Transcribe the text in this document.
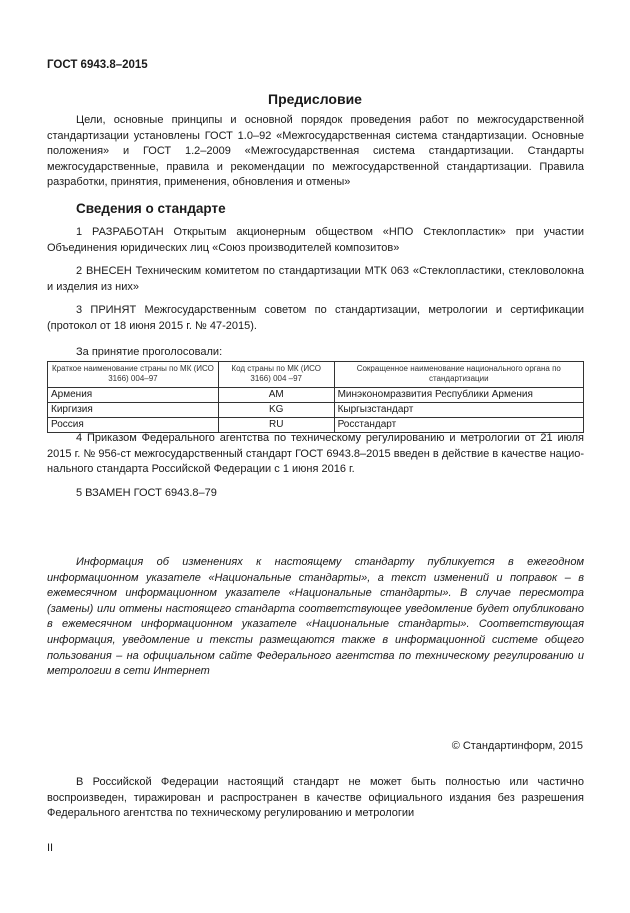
ГОСТ 6943.8–2015
Предисловие
Цели, основные принципы и основной порядок проведения работ по межгосударственной стандартизации установлены ГОСТ 1.0–92 «Межгосударственная система стандартизации. Основные положения» и ГОСТ 1.2–2009 «Межгосударственная система стандартизации. Стандарты межгосударственные, правила и рекомендации по межгосударственной стандартизации. Правила разработки, принятия, применения, обновления и отмены»
Сведения о стандарте
1 РАЗРАБОТАН Открытым акционерным обществом «НПО Стеклопластик» при участии Объединения юридических лиц «Союз производителей композитов»
2 ВНЕСЕН Техническим комитетом по стандартизации МТК 063 «Стеклопластики, стекловолокна и изделия из них»
3 ПРИНЯТ Межгосударственным советом по стандартизации, метрологии и сертификации (протокол от 18 июня 2015 г. № 47-2015).
За принятие проголосовали:
Краткое наименование страны по МК (ИСО 3166) 004–97	Код страны по МК (ИСО 3166) 004 –97	Сокращенное наименование национального органа по стандартизации
Армения	AM	Минэкономразвития Республики Армения
Киргизия	KG	Кыргызстандарт
Россия	RU	Росстандарт
4 Приказом Федерального агентства по техническому регулированию и метрологии от 21 июля 2015 г. № 956-ст межгосударственный стандарт ГОСТ 6943.8–2015 введен в действие в качестве нацио-нального стандарта Российской Федерации с 1 июня 2016 г.
5 ВЗАМЕН ГОСТ 6943.8–79
Информация об изменениях к настоящему стандарту публикуется в ежегодном информационном указателе «Национальные стандарты», а текст изменений и поправок – в ежемесячном информационном указателе «Национальные стандарты». В случае пересмотра (замены) или отмены настоящего стандарта соответствующее уведомление будет опубликовано в ежемесячном информационном указателе «Национальные стандарты». Соответствующая информация, уведомление и тексты размещаются также в информационной системе общего пользования – на официальном сайте Федерального агентства по техническому регулированию и метрологии в сети Интернет
© Стандартинформ, 2015
В Российской Федерации настоящий стандарт не может быть полностью или частично воспроизведен, тиражирован и распространен в качестве официального издания без разрешения Федерального агентства по техническому регулированию и метрологии
II
